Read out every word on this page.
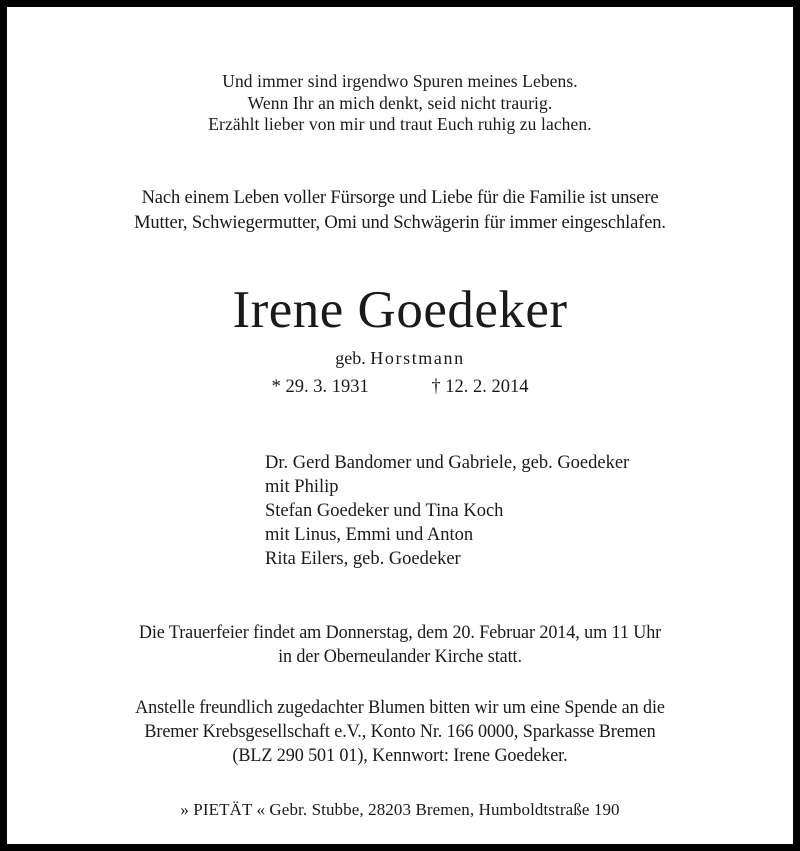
Und immer sind irgendwo Spuren meines Lebens.
Wenn Ihr an mich denkt, seid nicht traurig.
Erzählt lieber von mir und traut Euch ruhig zu lachen.
Nach einem Leben voller Fürsorge und Liebe für die Familie ist unsere
Mutter, Schwiegermutter, Omi und Schwägerin für immer eingeschlafen.
Irene Goedeker
geb. Horstmann
* 29. 3. 1931	† 12. 2. 2014
Dr. Gerd Bandomer und Gabriele, geb. Goedeker
mit Philip
Stefan Goedeker und Tina Koch
mit Linus, Emmi und Anton
Rita Eilers, geb. Goedeker
Die Trauerfeier findet am Donnerstag, dem 20. Februar 2014, um 11 Uhr
in der Oberneulander Kirche statt.
Anstelle freundlich zugedachter Blumen bitten wir um eine Spende an die
Bremer Krebsgesellschaft e.V., Konto Nr. 166 0000, Sparkasse Bremen
(BLZ 290 501 01), Kennwort: Irene Goedeker.
» PIETÄT « Gebr. Stubbe, 28203 Bremen, Humboldtstraße 190
